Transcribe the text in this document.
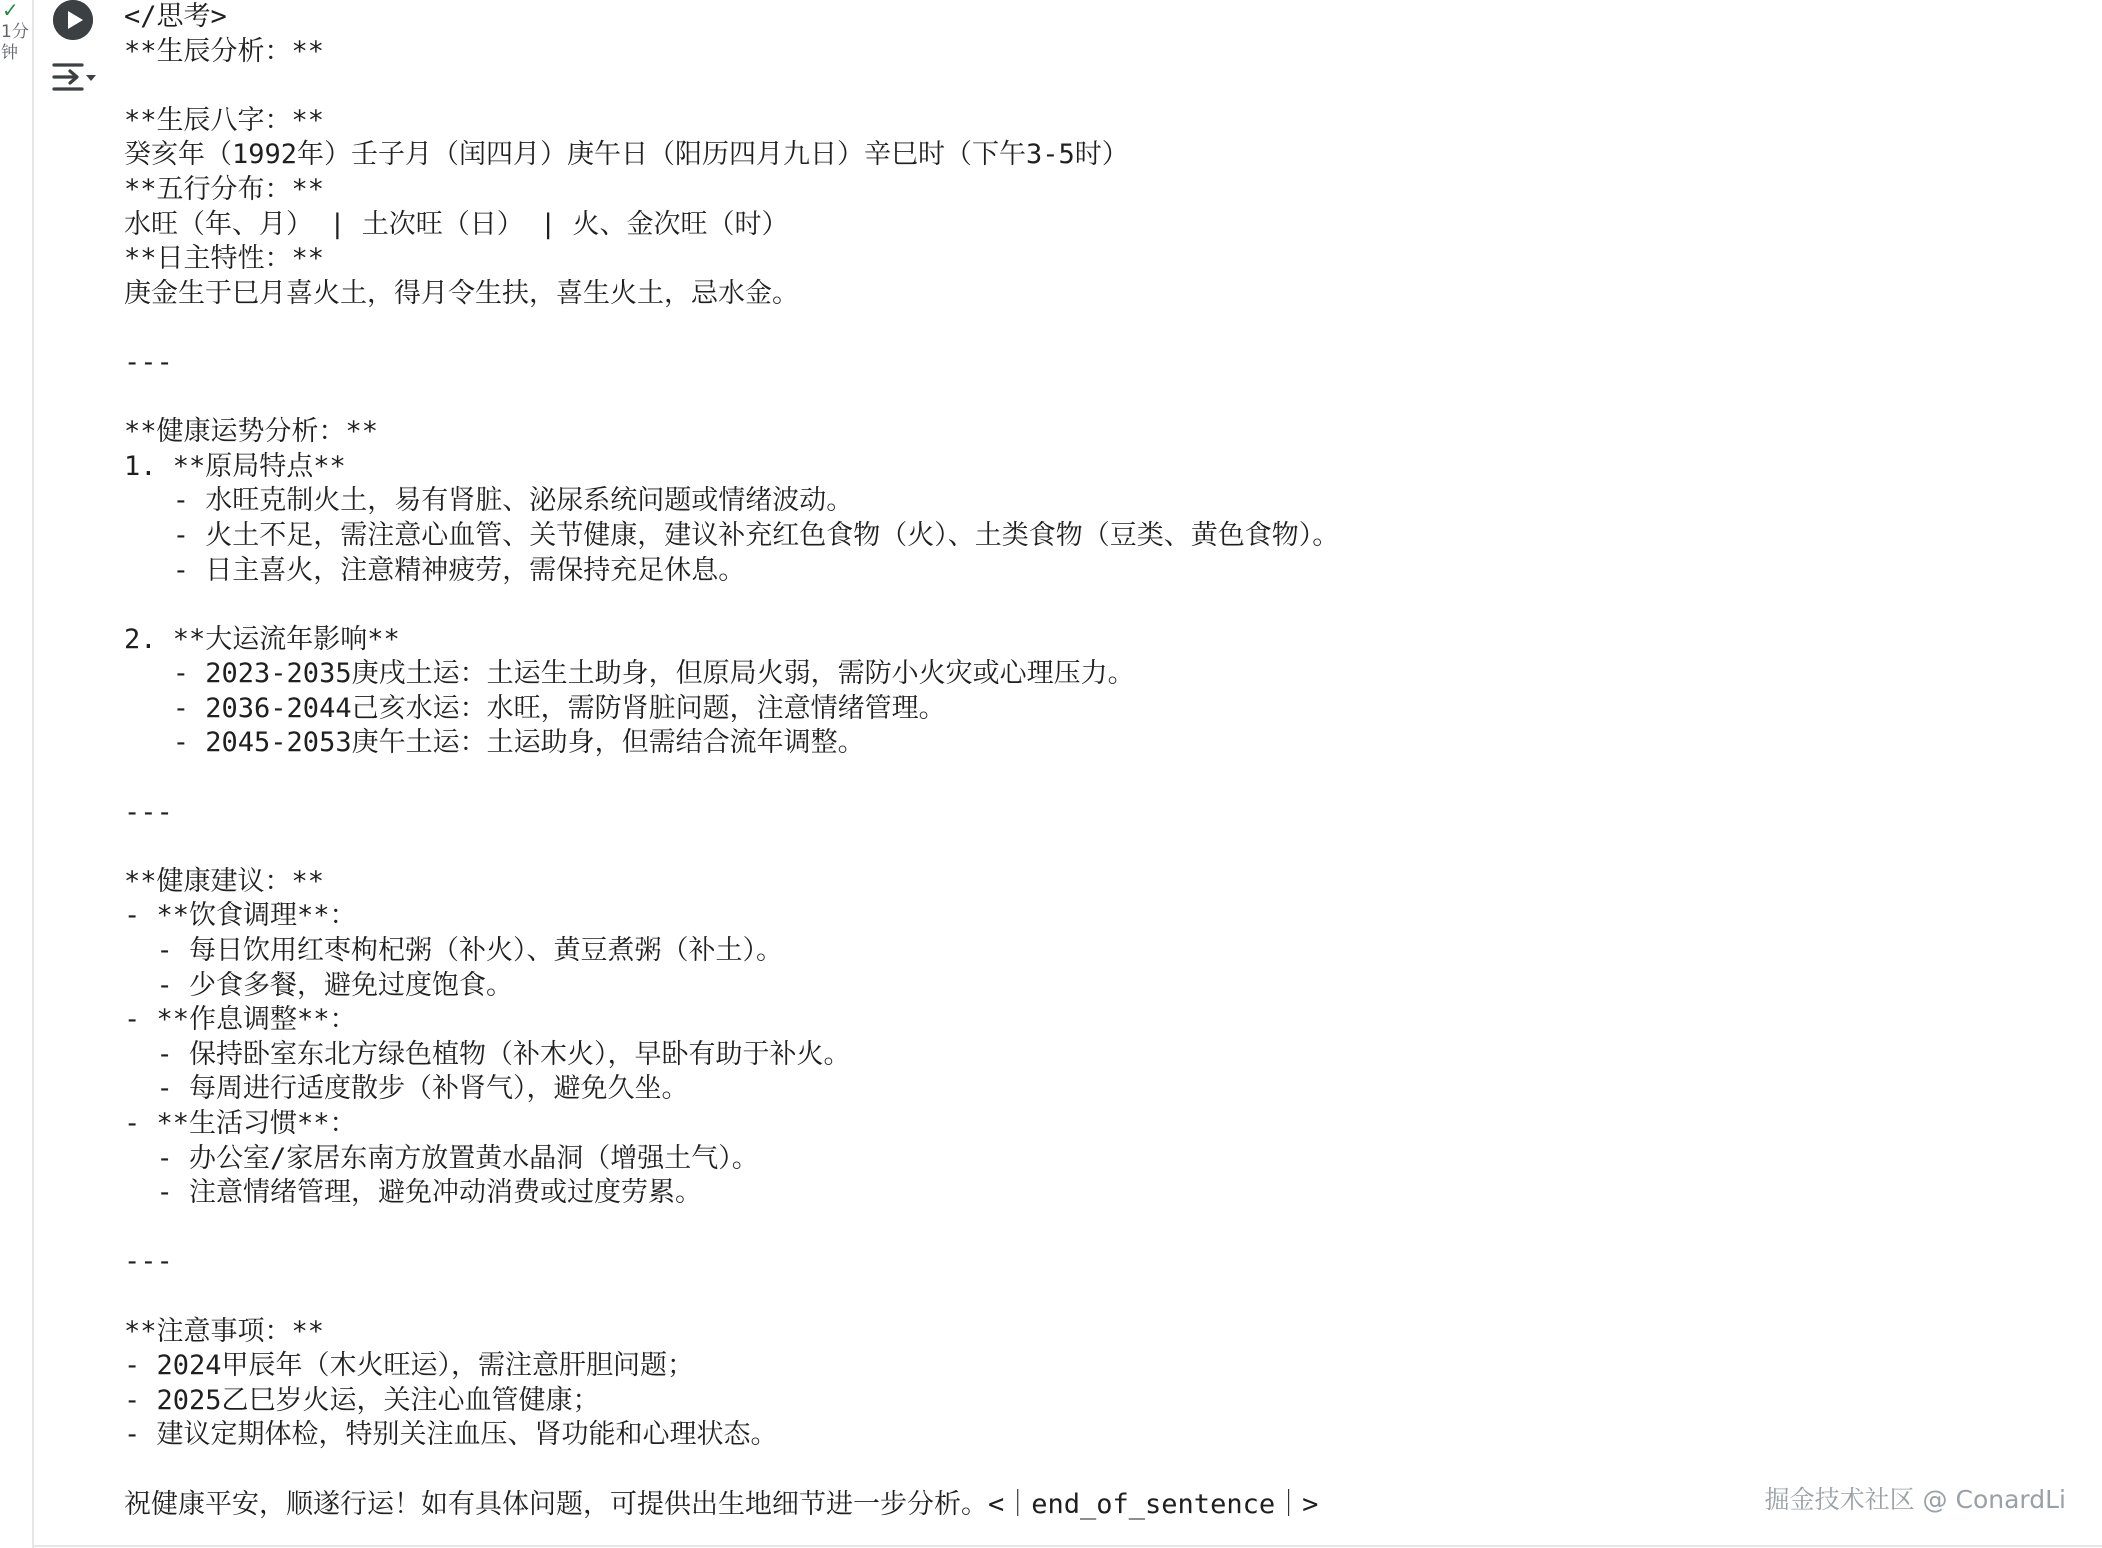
✓
1分钟
</思考>
**生辰分析：**
**生辰八字：**
癸亥年（1992年）壬子月（闰四月）庚午日（阳历四月九日）辛巳时（下午3-5时）
**五行分布：**
水旺（年、月） | 土次旺（日） | 火、金次旺（时）
**日主特性：**
庚金生于巳月喜火土，得月令生扶，喜生火土，忌水金。
---
**健康运势分析：**
1. **原局特点**
- 水旺克制火土，易有肾脏、泌尿系统问题或情绪波动。
- 火土不足，需注意心血管、关节健康，建议补充红色食物（火）、土类食物（豆类、黄色食物）。
- 日主喜火，注意精神疲劳，需保持充足休息。
2. **大运流年影响**
- 2023-2035庚戌土运：土运生土助身，但原局火弱，需防小火灾或心理压力。
- 2036-2044己亥水运：水旺，需防肾脏问题，注意情绪管理。
- 2045-2053庚午土运：土运助身，但需结合流年调整。
---
**健康建议：**
- **饮食调理**：
- 每日饮用红枣枸杞粥（补火）、黄豆煮粥（补土）。
- 少食多餐，避免过度饱食。
- **作息调整**：
- 保持卧室东北方绿色植物（补木火），早卧有助于补火。
- 每周进行适度散步（补肾气），避免久坐。
- **生活习惯**：
- 办公室/家居东南方放置黄水晶洞（增强土气）。
- 注意情绪管理，避免冲动消费或过度劳累。
---
**注意事项：**
- 2024甲辰年（木火旺运），需注意肝胆问题；
- 2025乙巳岁火运，关注心血管健康；
- 建议定期体检，特别关注血压、肾功能和心理状态。
祝健康平安，顺遂行运！如有具体问题，可提供出生地细节进一步分析。<｜end_of_sentence｜>	掘金技术社区 @ ConardLi
